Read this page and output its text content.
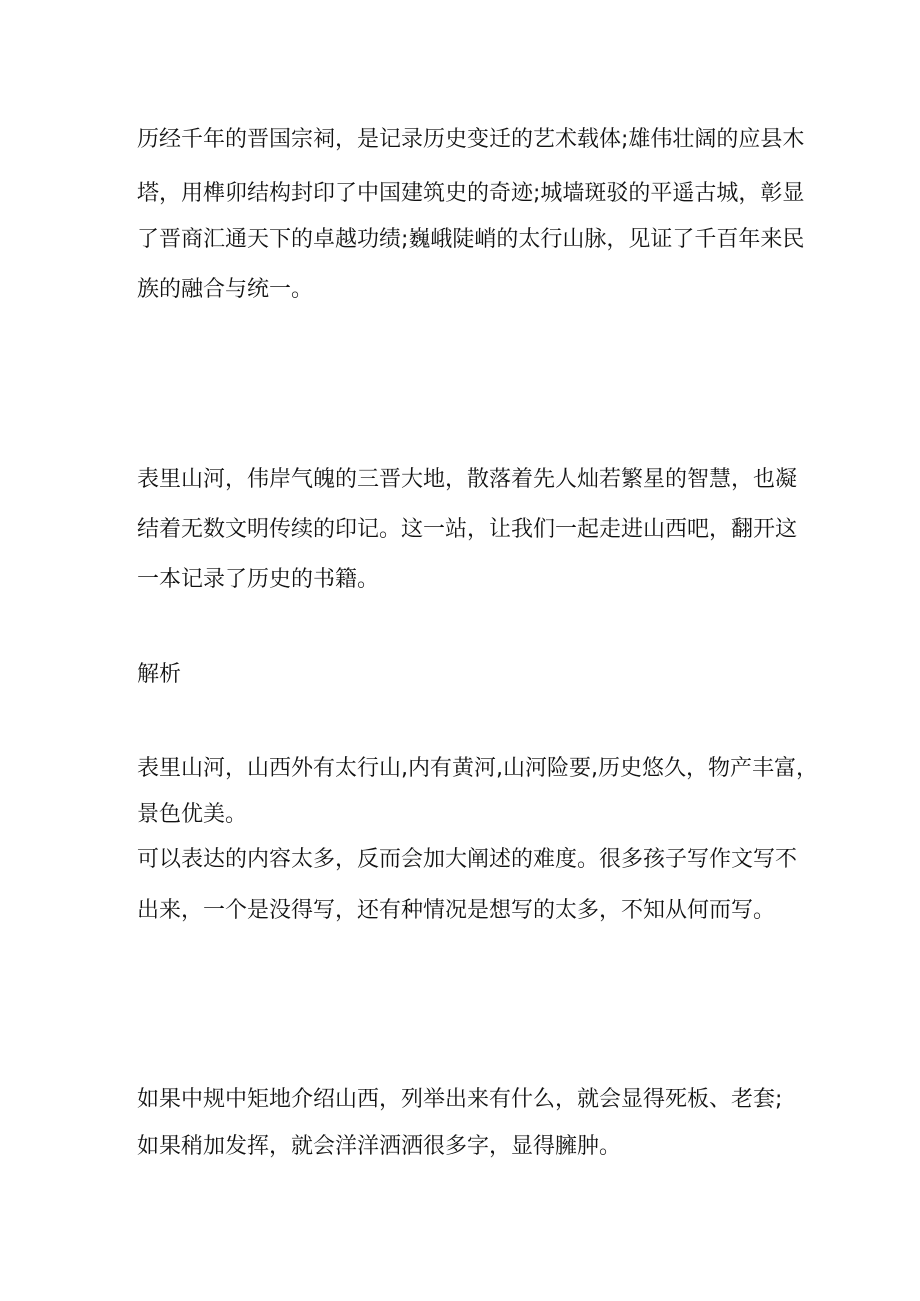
历经千年的晋国宗祠，是记录历史变迁的艺术载体;雄伟壮阔的应县木
塔，用榫卯结构封印了中国建筑史的奇迹;城墙斑驳的平遥古城，彰显
了晋商汇通天下的卓越功绩;巍峨陡峭的太行山脉，见证了千百年来民
族的融合与统一。
表里山河，伟岸气魄的三晋大地，散落着先人灿若繁星的智慧，也凝
结着无数文明传续的印记。这一站，让我们一起走进山西吧，翻开这
一本记录了历史的书籍。
解析
表里山河，山西外有太行山,内有黄河,山河险要,历史悠久，物产丰富，
景色优美。
可以表达的内容太多，反而会加大阐述的难度。很多孩子写作文写不
出来，一个是没得写，还有种情况是想写的太多，不知从何而写。
如果中规中矩地介绍山西，列举出来有什么，就会显得死板、老套;
如果稍加发挥，就会洋洋洒洒很多字，显得臃肿。
